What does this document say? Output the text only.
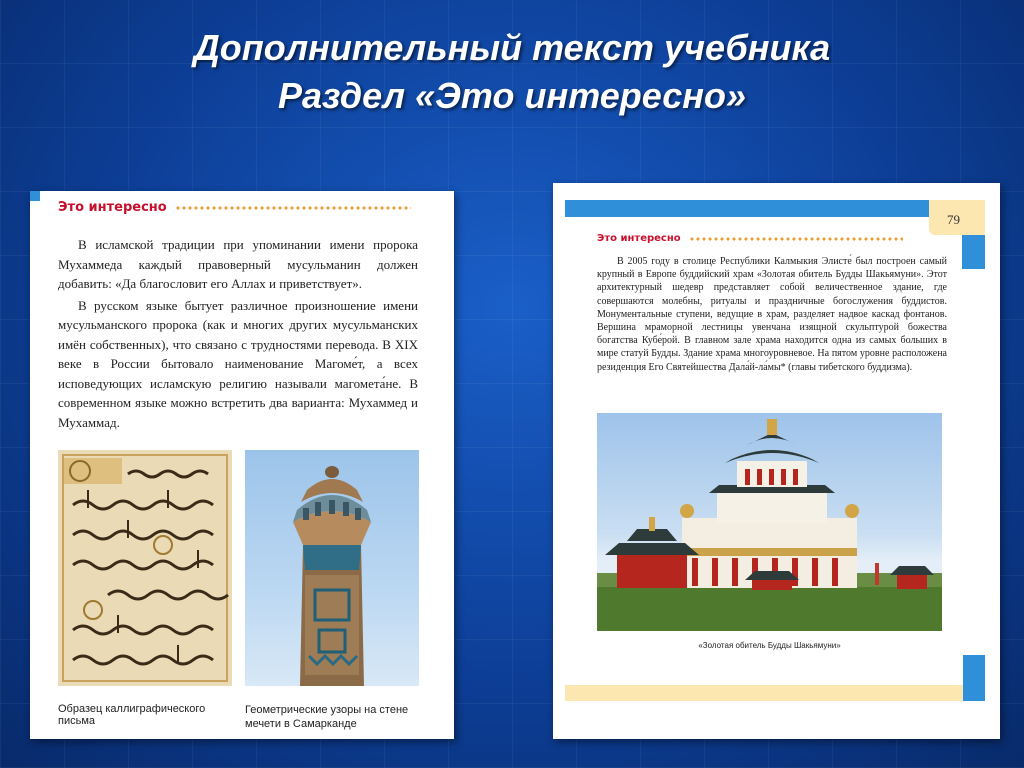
Дополнительный текст учебника
Раздел «Это интересно»
Это интересно

В исламской традиции при упоминании имени пророка Мухаммеда каждый правоверный мусульманин должен добавить: «Да благословит его Аллах и приветствует».

В русском языке бытует различное произношение имени мусульманского пророка (как и многих других мусульманских имён собственных), что связано с трудностями перевода. В XIX веке в России бытовало наименование Магоме́т, а всех исповедующих исламскую религию называли магомета́не. В современном языке можно встретить два варианта: Мухаммед и Мухаммад.

Образец каллиграфического письма
Геометрические узоры на стене мечети в Самарканде
79
Это интересно

В 2005 году в столице Республики Калмыкия Элисте́ был построен самый крупный в Европе буддийский храм «Золотая обитель Будды Шакьямуни». Этот архитектурный шедевр представляет собой величественное здание, где совершаются молебны, ритуалы и праздничные богослужения буддистов. Монументальные ступени, ведущие в храм, разделяет надвое каскад фонтанов. Вершина мраморной лестницы увенчана изящной скульптурой божества богатства Кубе́рой. В главном зале храма находится одна из самых больших в мире статуй Будды. Здание храма многоуровневое. На пятом уровне расположена резиденция Его Святейшества Дала́й-ла́мы* (главы тибетского буддизма).

«Золотая обитель Будды Шакьямуни»
